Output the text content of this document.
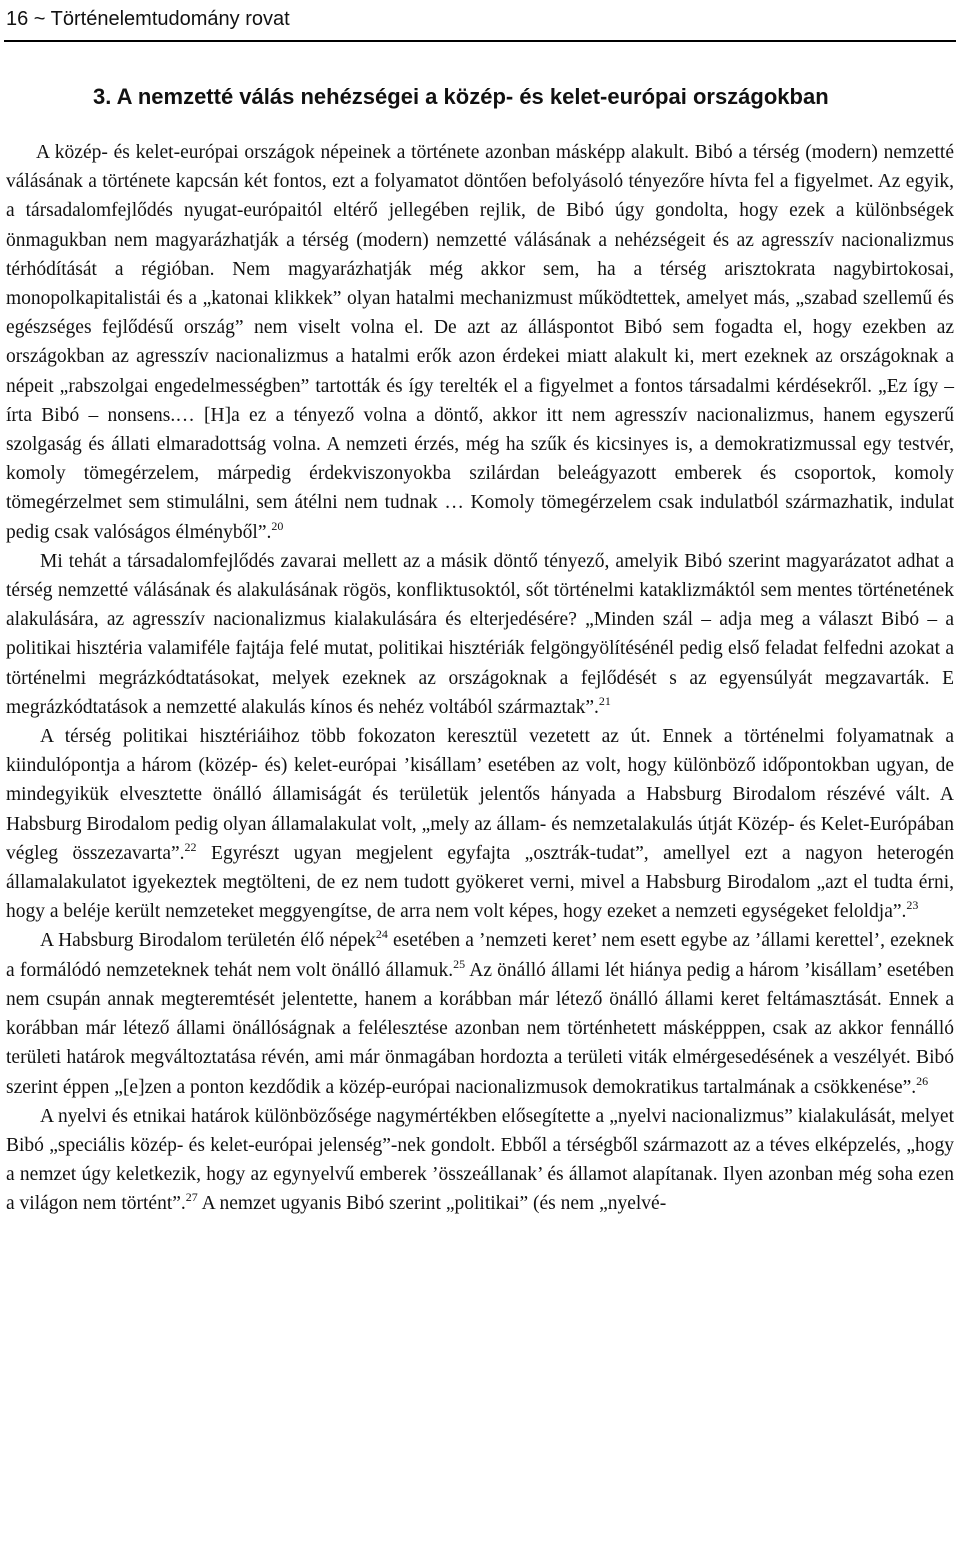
16 ~ Történelemtudomány rovat
3. A nemzetté válás nehézségei a közép- és kelet-európai országokban

A közép- és kelet-európai országok népeinek a története azonban másképp alakult. Bibó a térség (modern) nemzetté válásának a története kapcsán két fontos, ezt a folyamatot döntően befolyásoló tényezőre hívta fel a figyelmet. Az egyik, a társadalomfejlődés nyugat-európaitól eltérő jellegében rejlik, de Bibó úgy gondolta, hogy ezek a különbségek önmagukban nem magyarázhatják a térség (modern) nemzetté válásának a nehézségeit és az agresszív nacionalizmus térhódítását a régióban. Nem magyarázhatják még akkor sem, ha a térség arisztokrata nagybirtokosai, monopolkapitalistái és a „katonai klikkek” olyan hatalmi mechanizmust működtettek, amelyet más, „szabad szellemű és egészséges fejlődésű ország” nem viselt volna el. De azt az álláspontot Bibó sem fogadta el, hogy ezekben az országokban az agresszív nacionalizmus a hatalmi erők azon érdekei miatt alakult ki, mert ezeknek az országoknak a népeit „rabszolgai engedelmességben” tartották és így terelték el a figyelmet a fontos társadalmi kérdésekről. „Ez így – írta Bibó – nonsens.… [H]a ez a tényező volna a döntő, akkor itt nem agresszív nacionalizmus, hanem egyszerű szolgaság és állati elmaradottság volna. A nemzeti érzés, még ha szűk és kicsinyes is, a demokratizmussal egy testvér, komoly tömegérzelem, márpedig érdekviszonyokba szilárdan beleágyazott emberek és csoportok, komoly tömegérzelmet sem stimulálni, sem átélni nem tudnak … Komoly tömegérzelem csak indulatból származhatik, indulat pedig csak valóságos élményből”.$^{20}$

Mi tehát a társadalomfejlődés zavarai mellett az a másik döntő tényező, amelyik Bibó szerint magyarázatot adhat a térség nemzetté válásának és alakulásának rögös, konfliktusoktól, sőt történelmi kataklizmáktól sem mentes történetének alakulására, az agresszív nacionalizmus kialakulására és elterjedésére? „Minden szál – adja meg a választ Bibó – a politikai hisztéria valamiféle fajtája felé mutat, politikai hisztériák felgöngyölítésénél pedig első feladat felfedni azokat a történelmi megrázkódtatásokat, melyek ezeknek az országoknak a fejlődését s az egyensúlyát megzavarták. E megrázkódtatások a nemzetté alakulás kínos és nehéz voltából származtak”.$^{21}$

A térség politikai hisztériáihoz több fokozaton keresztül vezetett az út. Ennek a történelmi folyamatnak a kiindulópontja a három (közép- és) kelet-európai ’kisállam’ esetében az volt, hogy különböző időpontokban ugyan, de mindegyikük elvesztette önálló államiságát és területük jelentős hányada a Habsburg Birodalom részévé vált. A Habsburg Birodalom pedig olyan államalakulat volt, „mely az állam- és nemzetalakulás útját Közép- és Kelet-Európában végleg összezavarta”.$^{22}$ Egyrészt ugyan megjelent egyfajta „osztrák-tudat”, amellyel ezt a nagyon heterogén államalakulatot igyekeztek megtölteni, de ez nem tudott gyökeret verni, mivel a Habsburg Birodalom „azt el tudta érni, hogy a beléje került nemzeteket meggyengítse, de arra nem volt képes, hogy ezeket a nemzeti egységeket feloldja”.$^{23}$

A Habsburg Birodalom területén élő népek$^{24}$ esetében a ’nemzeti keret’ nem esett egybe az ’állami kerettel’, ezeknek a formálódó nemzeteknek tehát nem volt önálló államuk.$^{25}$ Az önálló állami lét hiánya pedig a három ’kisállam’ esetében nem csupán annak megteremtését jelentette, hanem a korábban már létező önálló állami keret feltámasztását. Ennek a korábban már létező állami önállóságnak a felélesztése azonban nem történhetett másképppen, csak az akkor fennálló területi határok megváltoztatása révén, ami már önmagában hordozta a területi viták elmérgesedésének a veszélyét. Bibó szerint éppen „[e]zen a ponton kezdődik a közép-európai nacionalizmusok demokratikus tartalmának a csökkenése”.$^{26}$

A nyelvi és etnikai határok különbözősége nagymértékben elősegítette a „nyelvi nacionalizmus” kialakulását, melyet Bibó „speciális közép- és kelet-európai jelenség”-nek gondolt. Ebből a térségből származott az a téves elképzelés, „hogy a nemzet úgy keletkezik, hogy az egynyelvű emberek ’összeállanak’ és államot alapítanak. Ilyen azonban még soha ezen a világon nem történt”.$^{27}$ A nemzet ugyanis Bibó szerint „politikai” (és nem „nyelvé-
